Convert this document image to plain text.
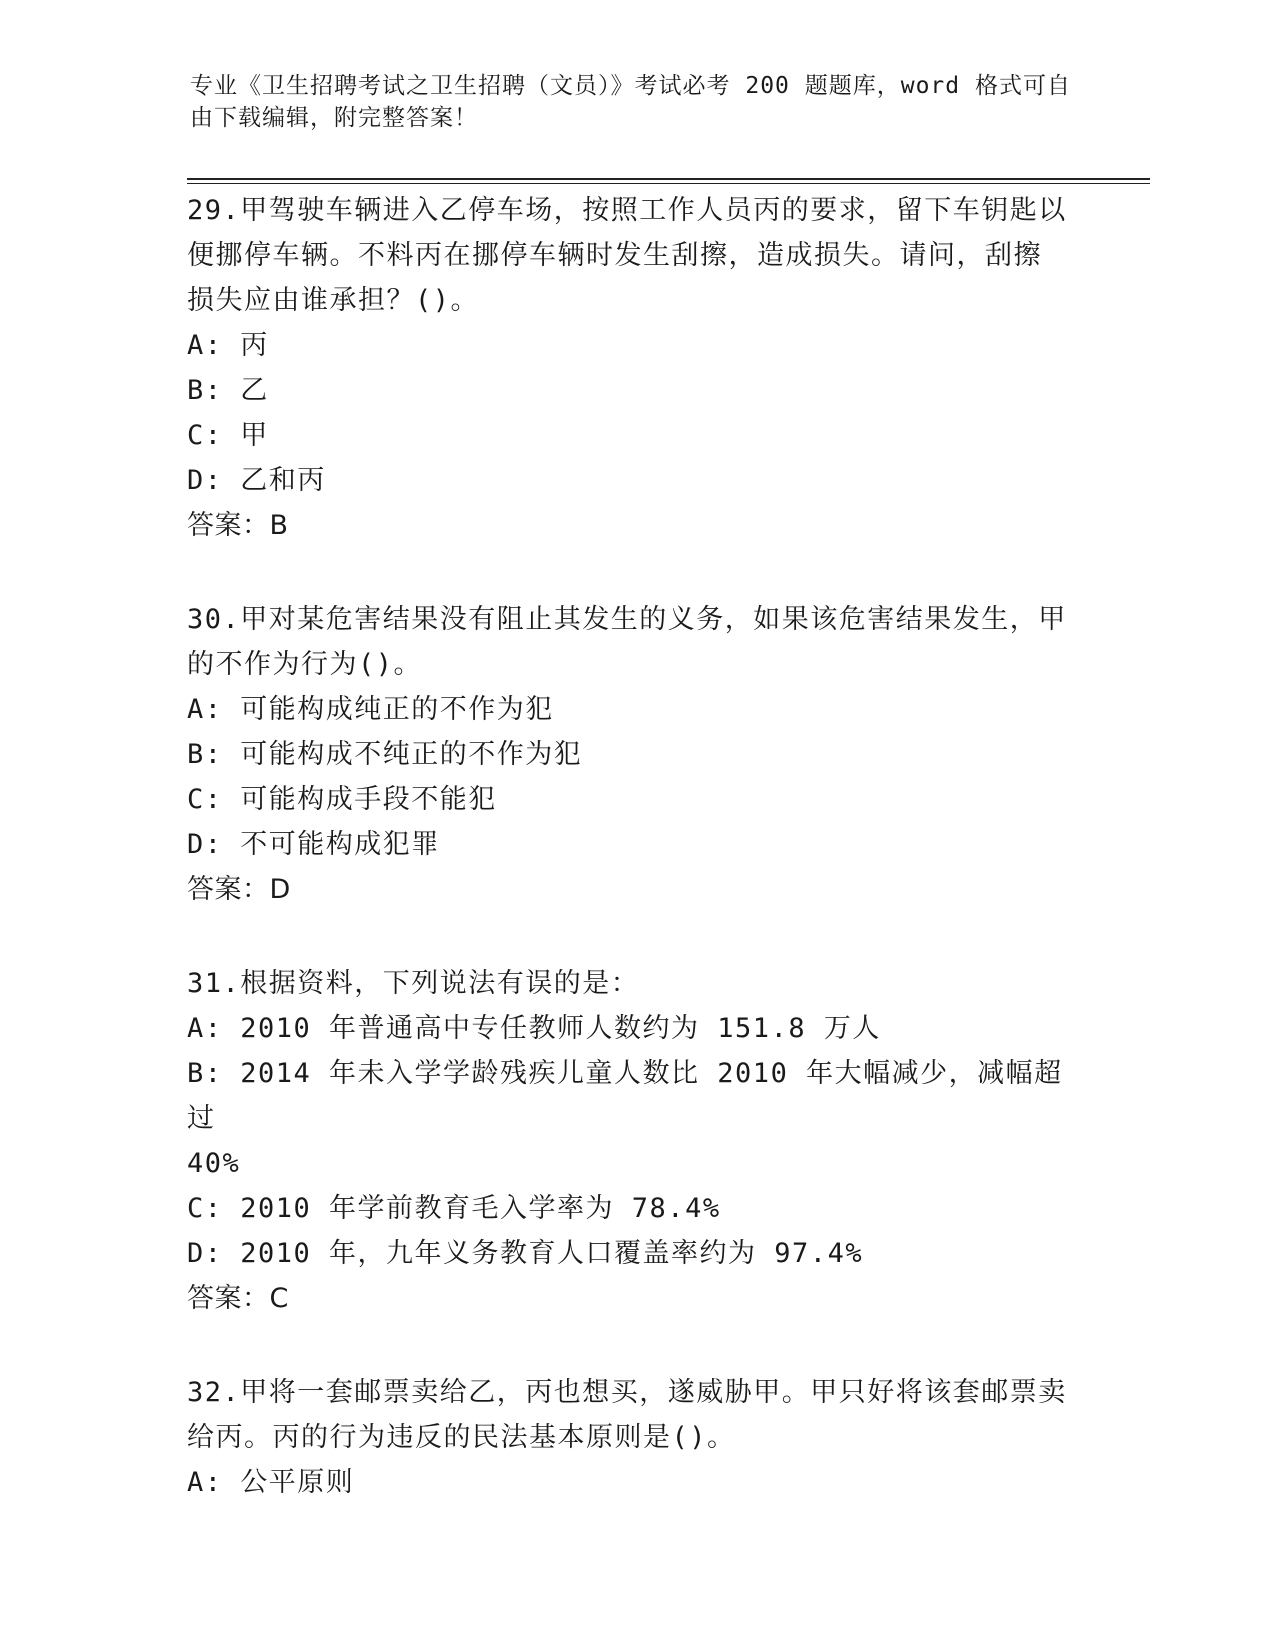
专业《卫生招聘考试之卫生招聘（文员）》考试必考 200 题题库，word 格式可自
由下载编辑，附完整答案！
29.甲驾驶车辆进入乙停车场，按照工作人员丙的要求，留下车钥匙以
便挪停车辆。不料丙在挪停车辆时发生刮擦，造成损失。请问，刮擦
损失应由谁承担？()。
A: 丙
B: 乙
C: 甲
D: 乙和丙
答案：B
30.甲对某危害结果没有阻止其发生的义务，如果该危害结果发生，甲
的不作为行为()。
A: 可能构成纯正的不作为犯
B: 可能构成不纯正的不作为犯
C: 可能构成手段不能犯
D: 不可能构成犯罪
答案：D
31.根据资料，下列说法有误的是：
A: 2010 年普通高中专任教师人数约为 151.8 万人
B: 2014 年未入学学龄残疾儿童人数比 2010 年大幅减少，减幅超过
40%
C: 2010 年学前教育毛入学率为 78.4%
D: 2010 年，九年义务教育人口覆盖率约为 97.4%
答案：C
32.甲将一套邮票卖给乙，丙也想买，遂威胁甲。甲只好将该套邮票卖
给丙。丙的行为违反的民法基本原则是()。
A: 公平原则
